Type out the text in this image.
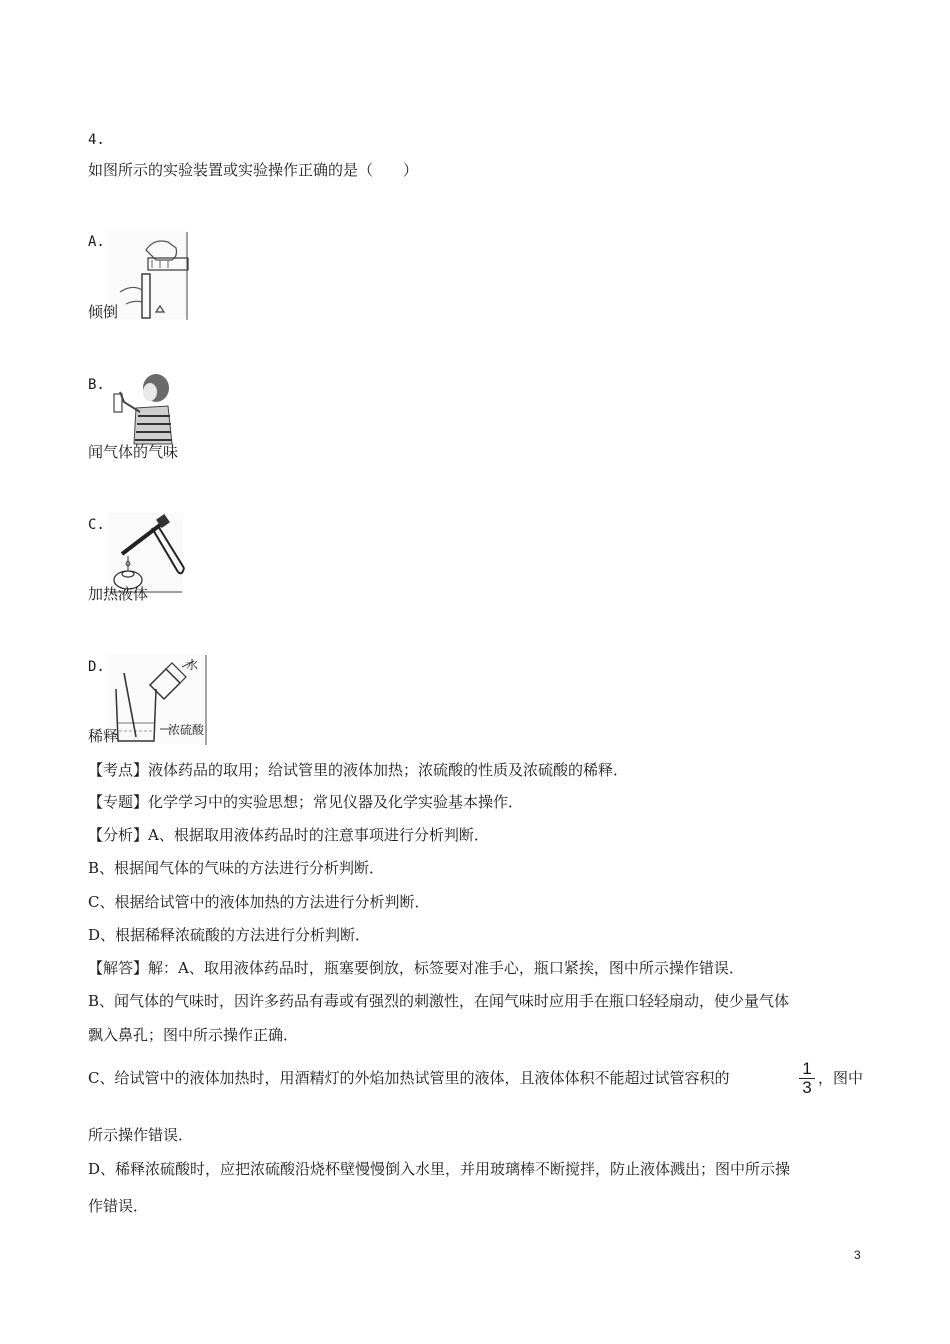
4.
如图所示的实验装置或实验操作正确的是（　　）
A.
倾倒
B.
闻气体的气味
C.
加热液体
D.	水
浓硫酸
稀释
【考点】液体药品的取用；给试管里的液体加热；浓硫酸的性质及浓硫酸的稀释．
【专题】化学学习中的实验思想；常见仪器及化学实验基本操作．
【分析】A、根据取用液体药品时的注意事项进行分析判断．
B、根据闻气体的气味的方法进行分析判断．
C、根据给试管中的液体加热的方法进行分析判断．
D、根据稀释浓硫酸的方法进行分析判断．
【解答】解：A、取用液体药品时，瓶塞要倒放，标签要对准手心，瓶口紧挨，图中所示操作错误．
B、闻气体的气味时，因许多药品有毒或有强烈的刺激性，在闻气味时应用手在瓶口轻轻扇动，使少量气体
飘入鼻孔；图中所示操作正确．
C、给试管中的液体加热时，用酒精灯的外焰加热试管里的液体，且液体体积不能超过试管容积的	$\frac{1}{3}$ ，图中
所示操作错误．
D、稀释浓硫酸时，应把浓硫酸沿烧杯壁慢慢倒入水里，并用玻璃棒不断搅拌，防止液体溅出；图中所示操
作错误．
3
